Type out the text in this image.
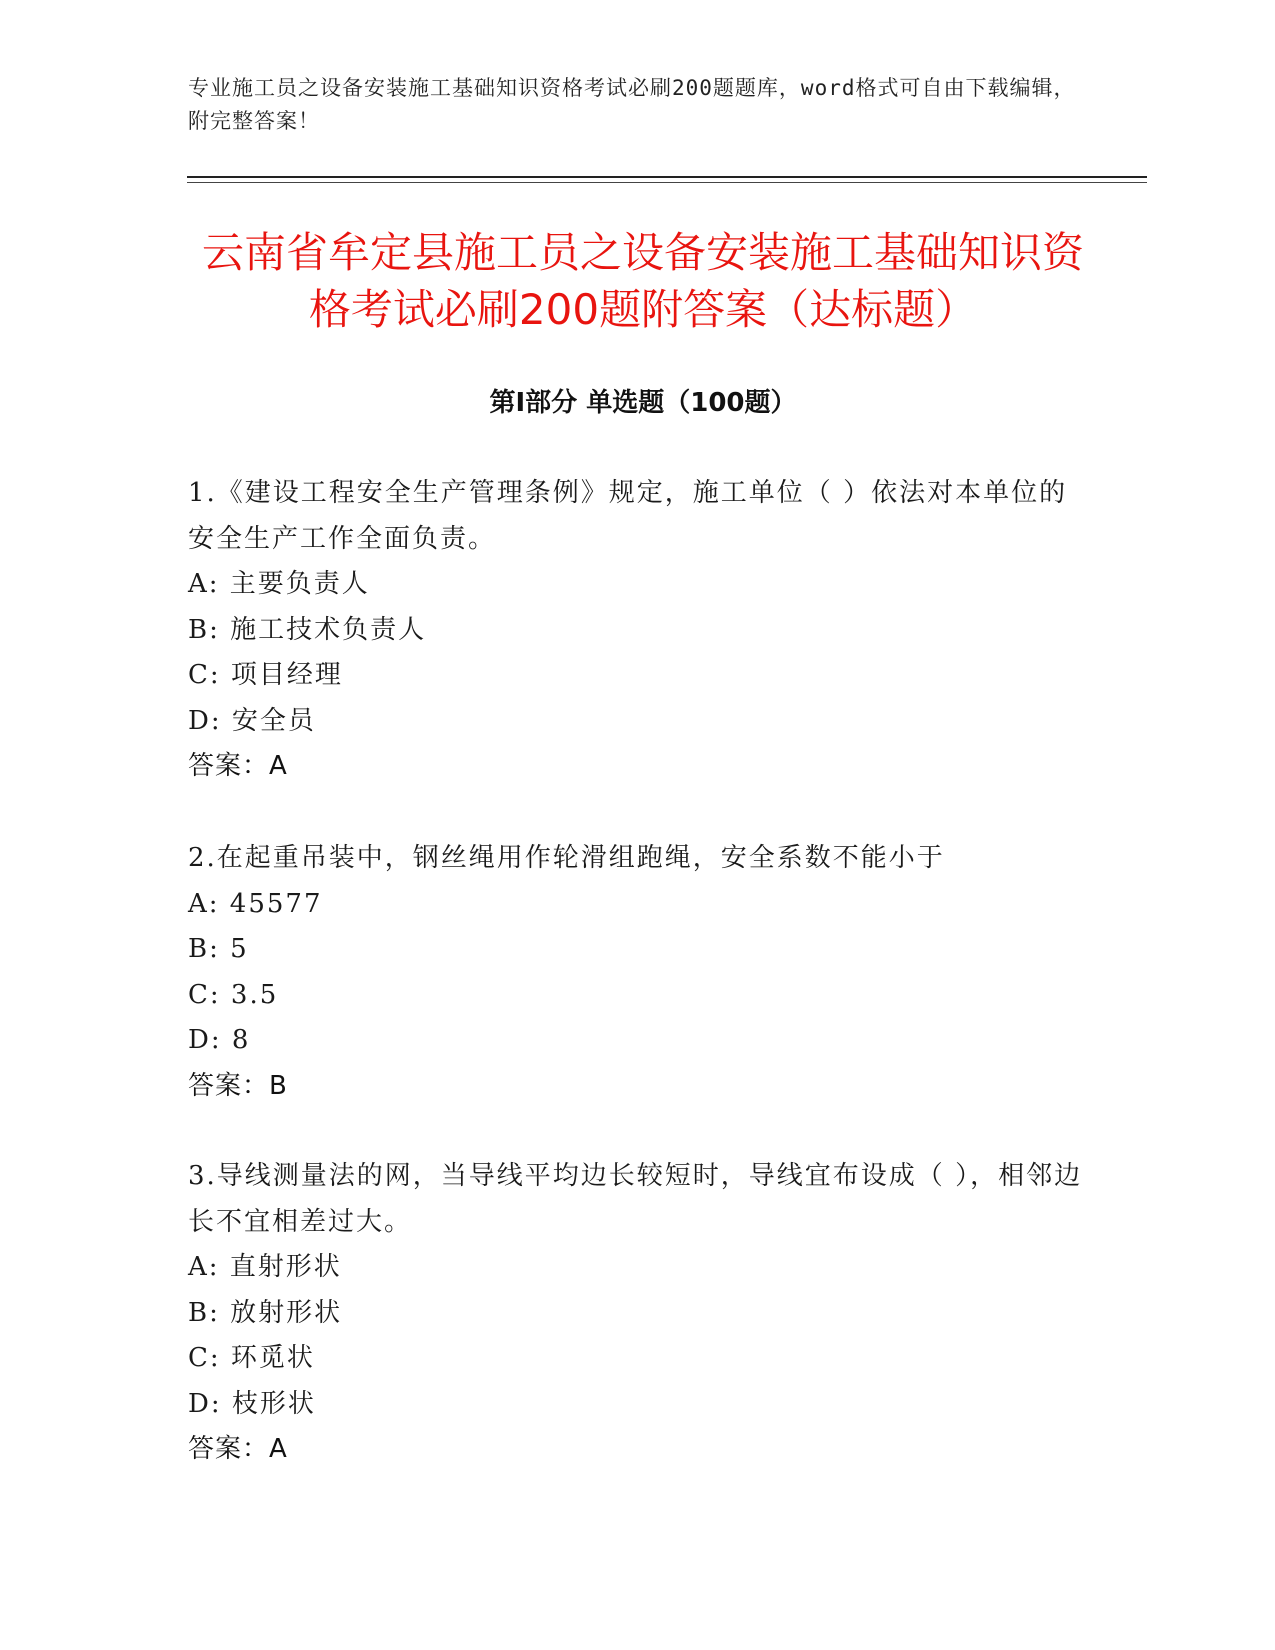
专业施工员之设备安装施工基础知识资格考试必刷200题题库，word格式可自由下载编辑，附完整答案！
云南省牟定县施工员之设备安装施工基础知识资格考试必刷200题附答案（达标题）
第Ⅰ部分 单选题（100题）

1.《建设工程安全生产管理条例》规定，施工单位（ ）依法对本单位的安全生产工作全面负责。

A: 主要负责人

B: 施工技术负责人

C: 项目经理

D: 安全员

答案：A

2.在起重吊装中，钢丝绳用作轮滑组跑绳，安全系数不能小于

A: 45577

B: 5

C: 3.5

D: 8

答案：B

3.导线测量法的网，当导线平均边长较短时，导线宜布设成（ ），相邻边长不宜相差过大。

A: 直射形状

B: 放射形状

C: 环觅状

D: 枝形状

答案：A
